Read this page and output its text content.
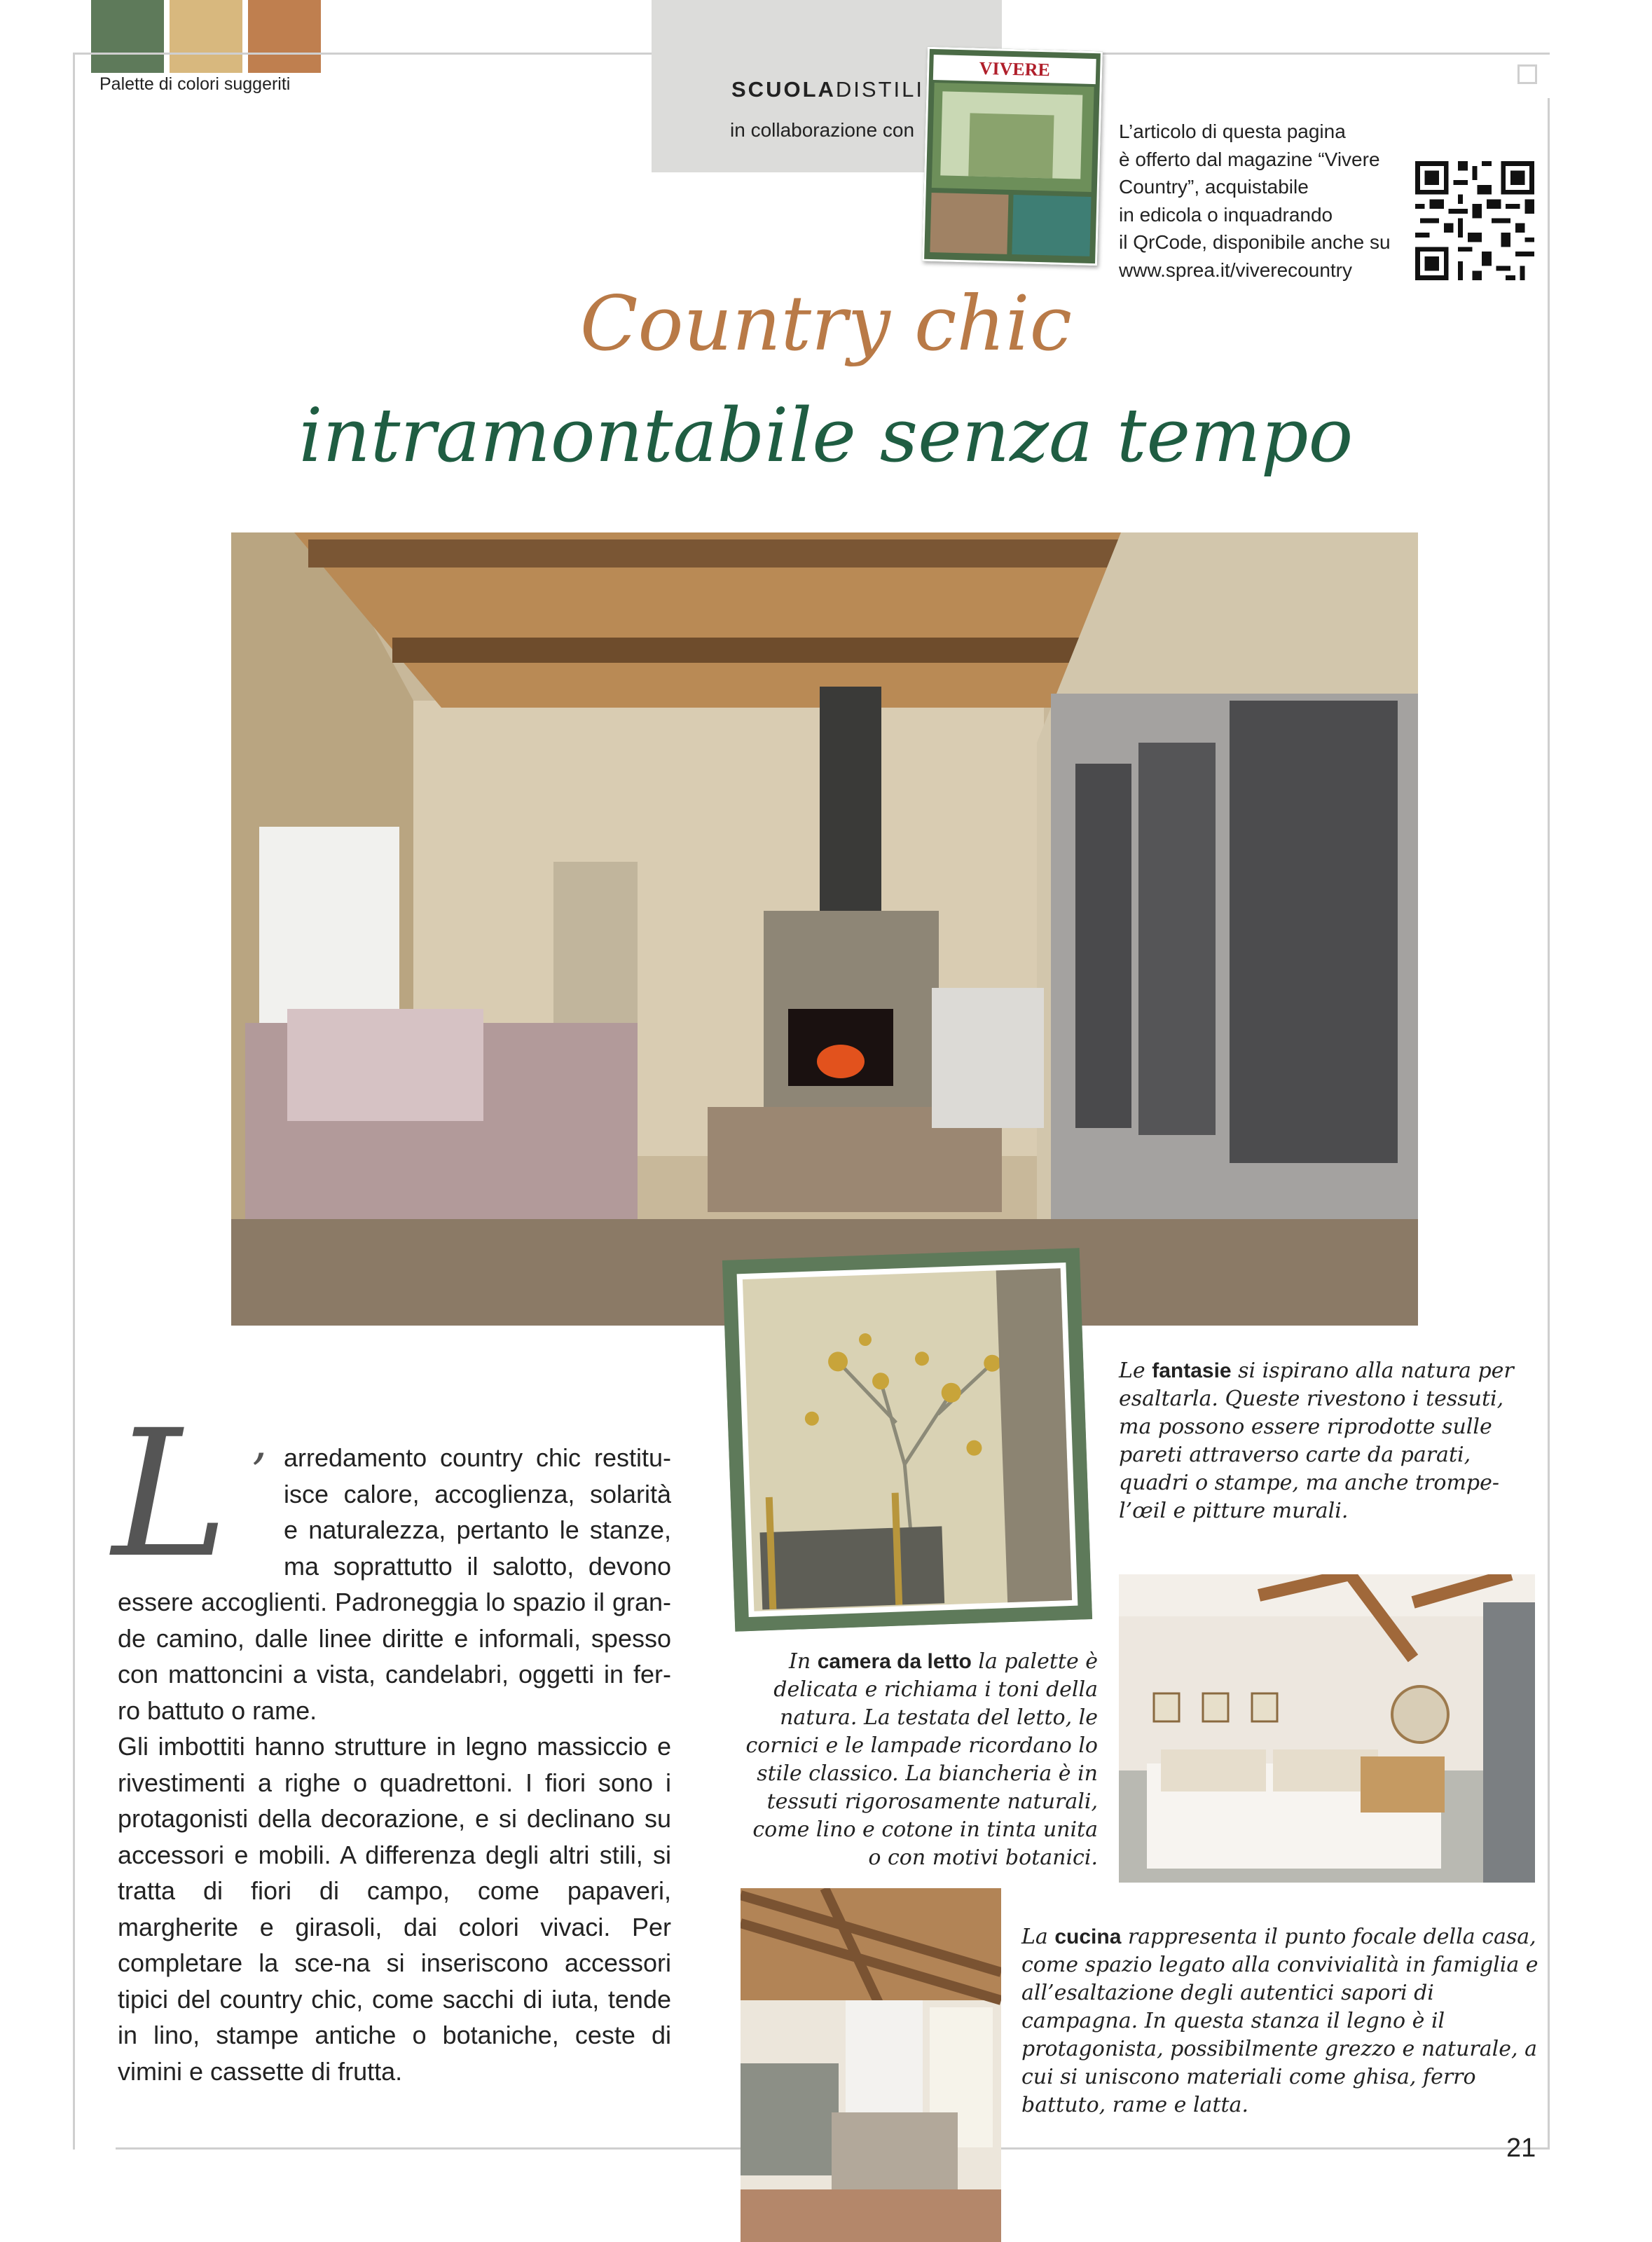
Palette di colori suggeriti	SCUOLADISTILI
in collaborazione con
VIVERE
L’articolo di questa pagina
è offerto dal magazine “Vivere
Country”, acquistabile
in edicola o inquadrando
il QrCode, disponibile anche su
www.sprea.it/viverecountry
Country chic
intramontabile senza tempo
L ’ arredamento country chic restitu-
isce calore, accoglienza, solarità
e naturalezza, pertanto le stanze,
ma soprattutto il salotto, devono
essere accoglienti. Padroneggia lo spazio il gran-de camino, dalle linee diritte e informali, spesso con mattoncini a vista, candelabri, oggetti in fer-ro battuto o rame.
Gli imbottiti hanno strutture in legno massiccio e rivestimenti a righe o quadrettoni. I fiori sono i protagonisti della decorazione, e si declinano su accessori e mobili. A differenza degli altri stili, si tratta di fiori di campo, come papaveri, margherite e girasoli, dai colori vivaci. Per completare la sce-na si inseriscono accessori tipici del country chic, come sacchi di iuta, tende in lino, stampe antiche o botaniche, ceste di vimini e cassette di frutta.
Le fantasie si ispirano alla natura per esaltarla. Queste rivestono i tessuti, ma possono essere riprodotte sulle pareti attraverso carte da parati, quadri o stampe, ma anche trompe-l’œil e pitture murali.
In camera da letto la palette è delicata e richiama i toni della natura. La testata del letto, le cornici e le lampade ricordano lo stile classico. La biancheria è in tessuti rigorosamente naturali, come lino e cotone in tinta unita o con motivi botanici.
La cucina rappresenta il punto focale della casa, come spazio legato alla convivialità in famiglia e all’esaltazione degli autentici sapori di campagna. In questa stanza il legno è il protagonista, possibilmente grezzo e naturale, a cui si uniscono materiali come ghisa, ferro battuto, rame e latta.
21
